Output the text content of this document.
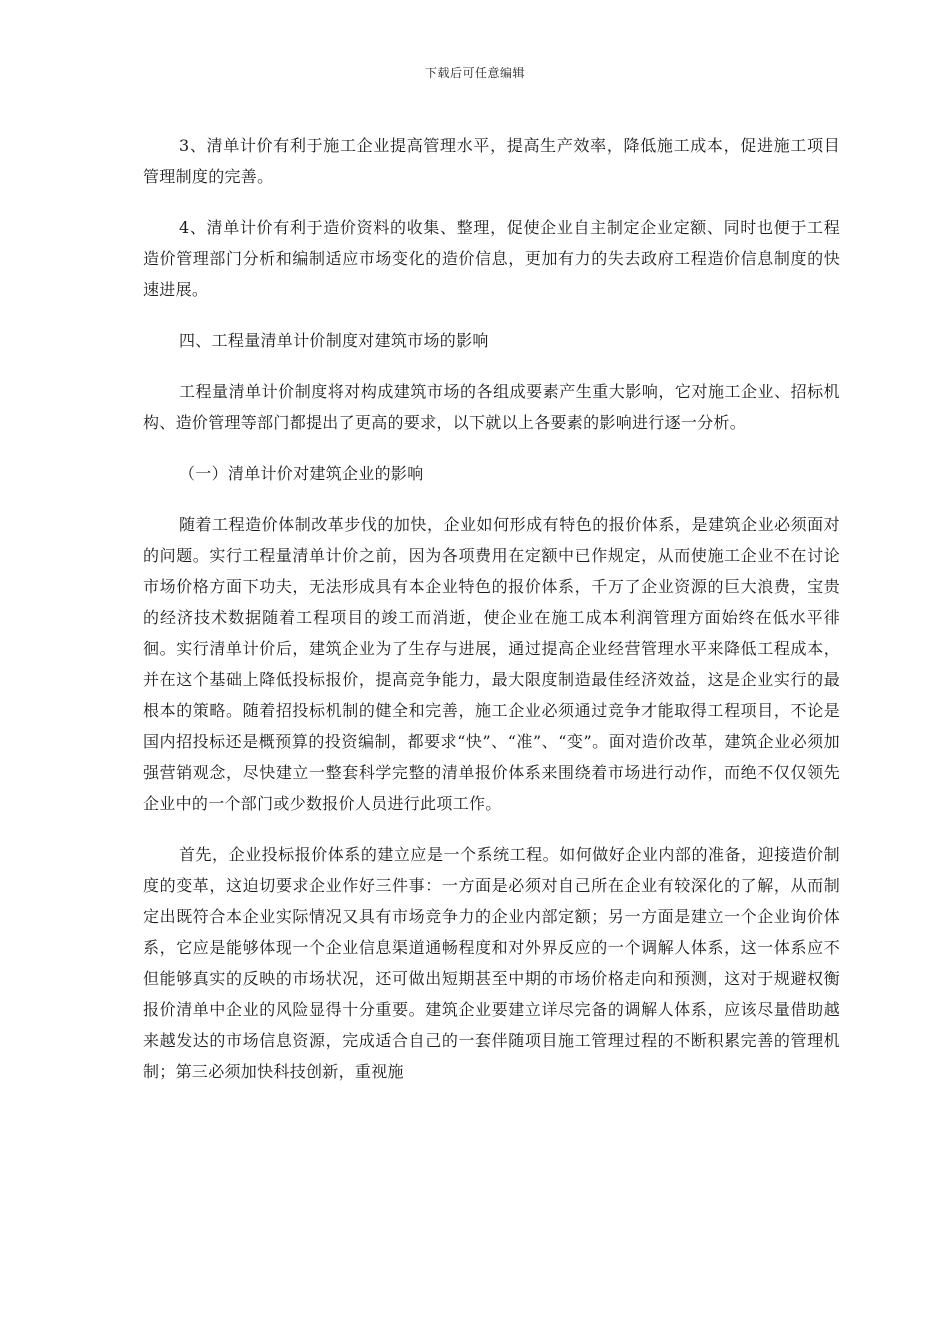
下载后可任意编辑

3、清单计价有利于施工企业提高管理水平，提高生产效率，降低施工成本，促进施工项目管理制度的完善。

4、清单计价有利于造价资料的收集、整理，促使企业自主制定企业定额、同时也便于工程造价管理部门分析和编制适应市场变化的造价信息，更加有力的失去政府工程造价信息制度的快速进展。

四、工程量清单计价制度对建筑市场的影响

工程量清单计价制度将对构成建筑市场的各组成要素产生重大影响，它对施工企业、招标机构、造价管理等部门都提出了更高的要求，以下就以上各要素的影响进行逐一分析。

（一）清单计价对建筑企业的影响

随着工程造价体制改革步伐的加快，企业如何形成有特色的报价体系，是建筑企业必须面对的问题。实行工程量清单计价之前，因为各项费用在定额中已作规定，从而使施工企业不在讨论市场价格方面下功夫，无法形成具有本企业特色的报价体系，千万了企业资源的巨大浪费，宝贵的经济技术数据随着工程项目的竣工而消逝，使企业在施工成本利润管理方面始终在低水平徘徊。实行清单计价后，建筑企业为了生存与进展，通过提高企业经营管理水平来降低工程成本，并在这个基础上降低投标报价，提高竞争能力，最大限度制造最佳经济效益，这是企业实行的最根本的策略。随着招投标机制的健全和完善，施工企业必须通过竞争才能取得工程项目，不论是国内招投标还是概预算的投资编制，都要求“快”、“准”、“变”。面对造价改革，建筑企业必须加强营销观念，尽快建立一整套科学完整的清单报价体系来围绕着市场进行动作，而绝不仅仅领先企业中的一个部门或少数报价人员进行此项工作。

首先，企业投标报价体系的建立应是一个系统工程。如何做好企业内部的准备，迎接造价制度的变革，这迫切要求企业作好三件事：一方面是必须对自己所在企业有较深化的了解，从而制定出既符合本企业实际情况又具有市场竞争力的企业内部定额；另一方面是建立一个企业询价体系，它应是能够体现一个企业信息渠道通畅程度和对外界反应的一个调解人体系，这一体系应不但能够真实的反映的市场状况，还可做出短期甚至中期的市场价格走向和预测，这对于规避权衡报价清单中企业的风险显得十分重要。建筑企业要建立详尽完备的调解人体系，应该尽量借助越来越发达的市场信息资源，完成适合自己的一套伴随项目施工管理过程的不断积累完善的管理机制；第三必须加快科技创新，重视施
